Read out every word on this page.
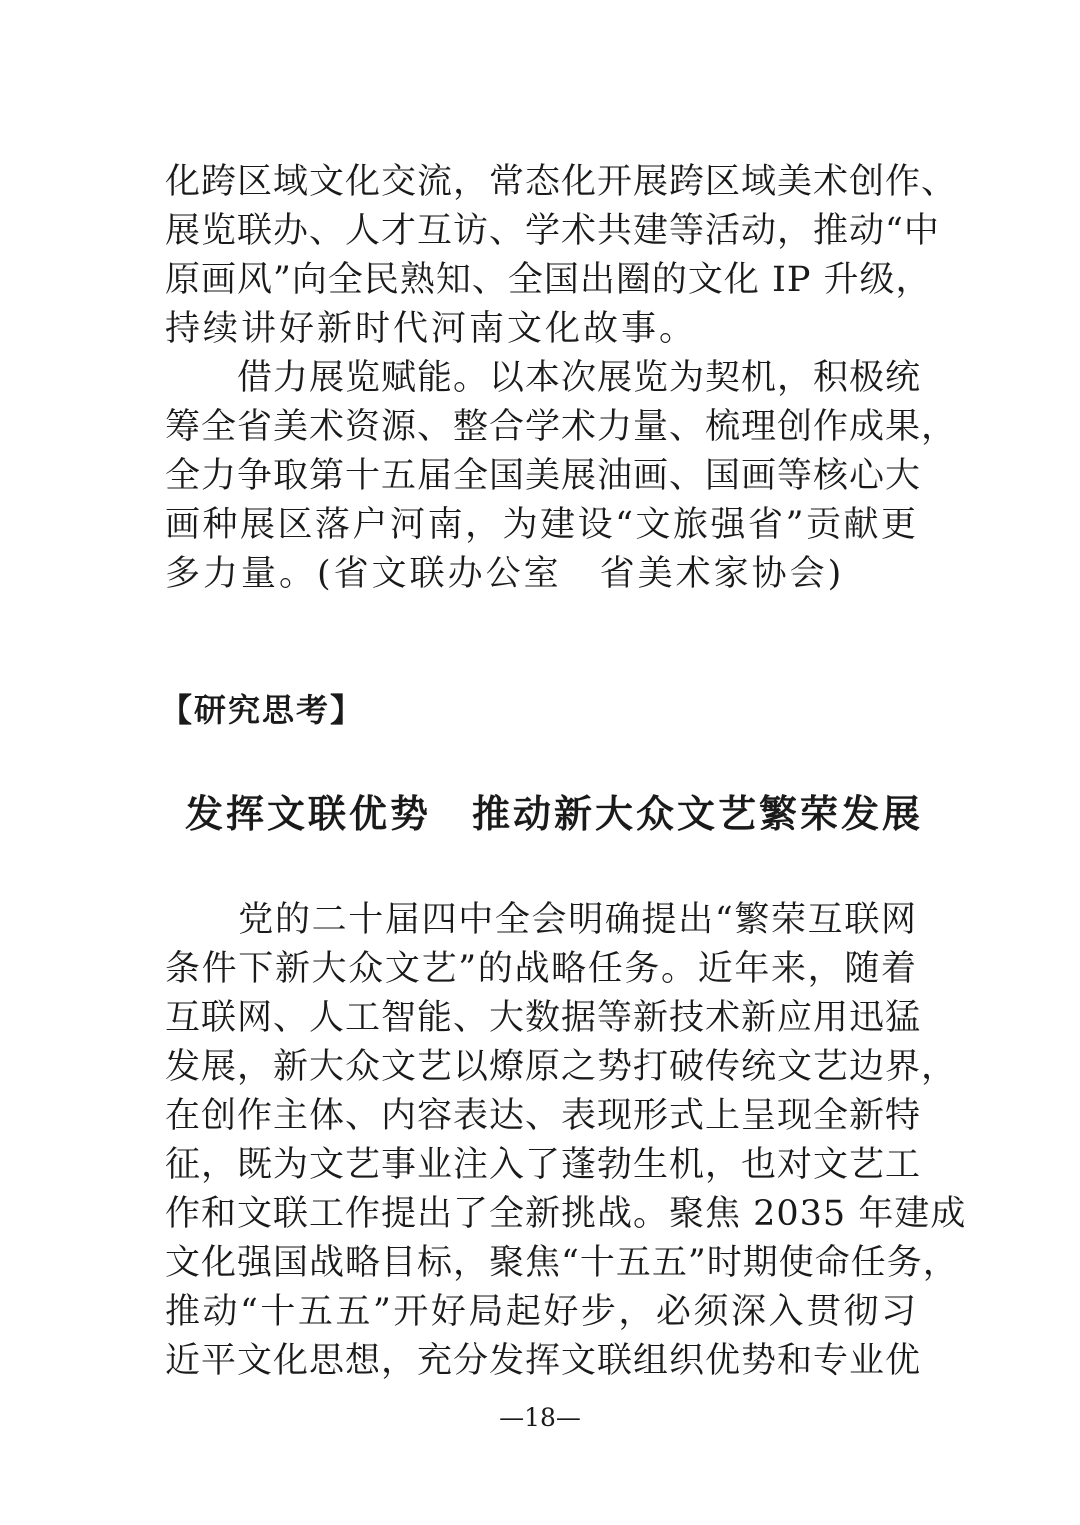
化跨区域文化交流，常态化开展跨区域美术创作、
展览联办、人才互访、学术共建等活动，推动“中
原画风”向全民熟知、全国出圈的文化 IP 升级，
持续讲好新时代河南文化故事。
　　借力展览赋能。以本次展览为契机，积极统
筹全省美术资源、整合学术力量、梳理创作成果，
全力争取第十五届全国美展油画、国画等核心大
画种展区落户河南，为建设“文旅强省”贡献更
多力量。(省文联办公室　省美术家协会)
【研究思考】
发挥文联优势　推动新大众文艺繁荣发展
　　党的二十届四中全会明确提出“繁荣互联网
条件下新大众文艺”的战略任务。近年来，随着
互联网、人工智能、大数据等新技术新应用迅猛
发展，新大众文艺以燎原之势打破传统文艺边界，
在创作主体、内容表达、表现形式上呈现全新特
征，既为文艺事业注入了蓬勃生机，也对文艺工
作和文联工作提出了全新挑战。聚焦 2035 年建成
文化强国战略目标，聚焦“十五五”时期使命任务，
推动“十五五”开好局起好步，必须深入贯彻习
近平文化思想，充分发挥文联组织优势和专业优
—18—
